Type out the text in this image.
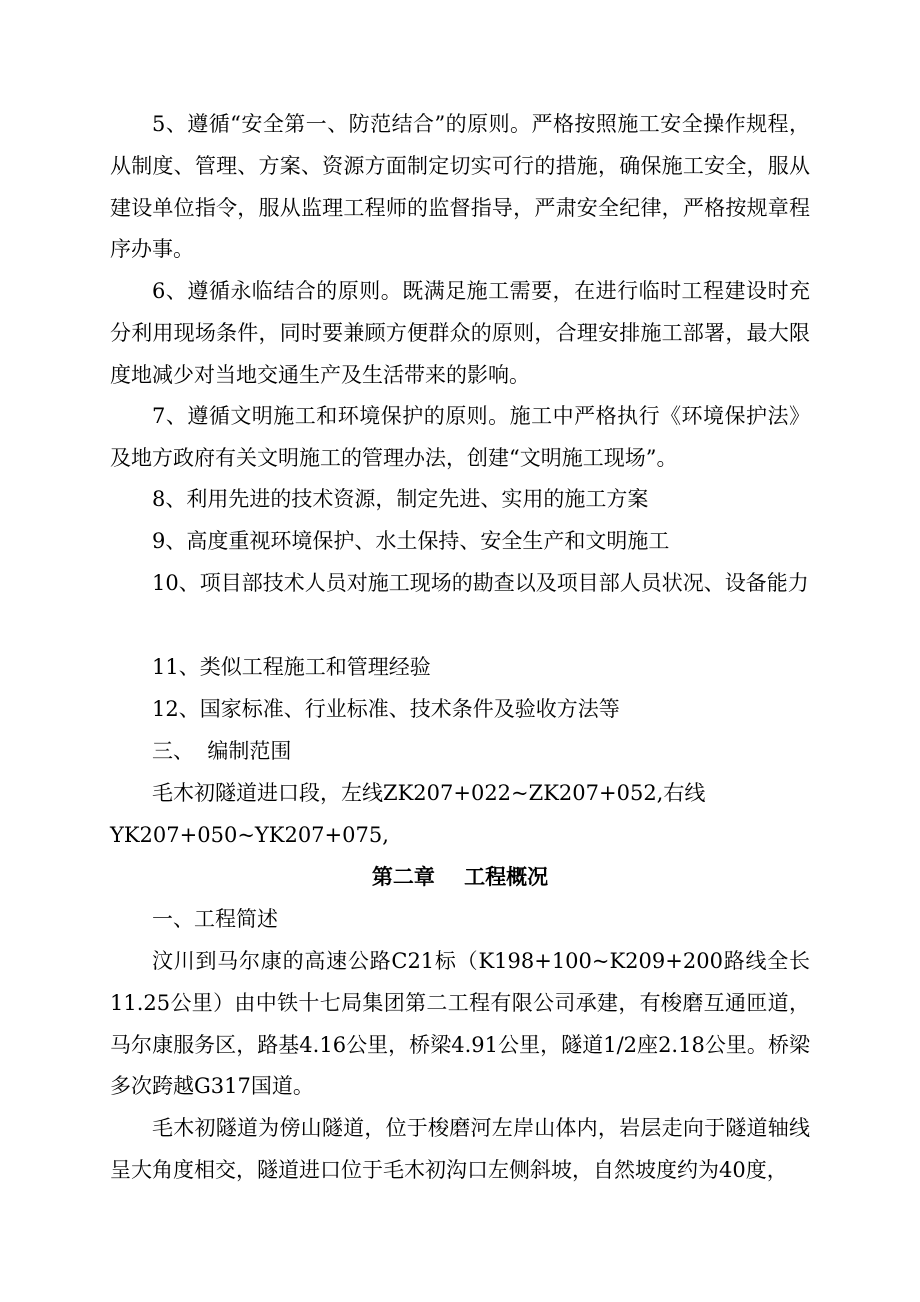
5、遵循“安全第一、防范结合”的原则。严格按照施工安全操作规程，从制度、管理、方案、资源方面制定切实可行的措施，确保施工安全，服从建设单位指令，服从监理工程师的监督指导，严肃安全纪律，严格按规章程序办事。

6、遵循永临结合的原则。既满足施工需要，在进行临时工程建设时充分利用现场条件，同时要兼顾方便群众的原则，合理安排施工部署，最大限度地减少对当地交通生产及生活带来的影响。

7、遵循文明施工和环境保护的原则。施工中严格执行《环境保护法》及地方政府有关文明施工的管理办法，创建“文明施工现场”。

8、利用先进的技术资源，制定先进、实用的施工方案

9、高度重视环境保护、水土保持、安全生产和文明施工

10、项目部技术人员对施工现场的勘查以及项目部人员状况、设备能力

11、类似工程施工和管理经验

12、国家标准、行业标准、技术条件及验收方法等

三、  编制范围

毛木初隧道进口段，左线ZK207+022~ZK207+052,右线

YK207+050~YK207+075,

第二章    工程概况

一、工程简述

汶川到马尔康的高速公路C21标（K198+100~K209+200路线全长11.25公里）由中铁十七局集团第二工程有限公司承建，有梭磨互通匝道，马尔康服务区，路基4.16公里，桥梁4.91公里，隧道1/2座2.18公里。桥梁多次跨越G317国道。

毛木初隧道为傍山隧道，位于梭磨河左岸山体内，岩层走向于隧道轴线呈大角度相交，隧道进口位于毛木初沟口左侧斜坡，自然坡度约为40度，
